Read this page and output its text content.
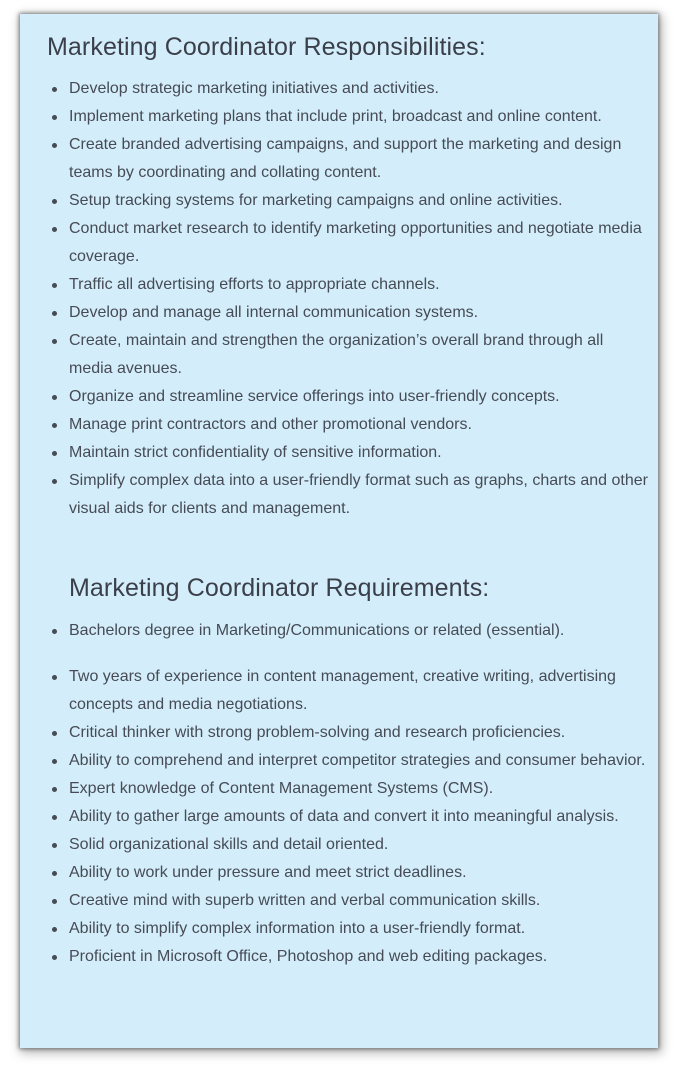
Marketing Coordinator Responsibilities:
Develop strategic marketing initiatives and activities.
Implement marketing plans that include print, broadcast and online content.
Create branded advertising campaigns, and support the marketing and design teams by coordinating and collating content.
Setup tracking systems for marketing campaigns and online activities.
Conduct market research to identify marketing opportunities and negotiate media coverage.
Traffic all advertising efforts to appropriate channels.
Develop and manage all internal communication systems.
Create, maintain and strengthen the organization’s overall brand through all media avenues.
Organize and streamline service offerings into user-friendly concepts.
Manage print contractors and other promotional vendors.
Maintain strict confidentiality of sensitive information.
Simplify complex data into a user-friendly format such as graphs, charts and other visual aids for clients and management.
Marketing Coordinator Requirements:
Bachelors degree in Marketing/Communications or related (essential).
Two years of experience in content management, creative writing, advertising concepts and media negotiations.
Critical thinker with strong problem-solving and research proficiencies.
Ability to comprehend and interpret competitor strategies and consumer behavior.
Expert knowledge of Content Management Systems (CMS).
Ability to gather large amounts of data and convert it into meaningful analysis.
Solid organizational skills and detail oriented.
Ability to work under pressure and meet strict deadlines.
Creative mind with superb written and verbal communication skills.
Ability to simplify complex information into a user-friendly format.
Proficient in Microsoft Office, Photoshop and web editing packages.
